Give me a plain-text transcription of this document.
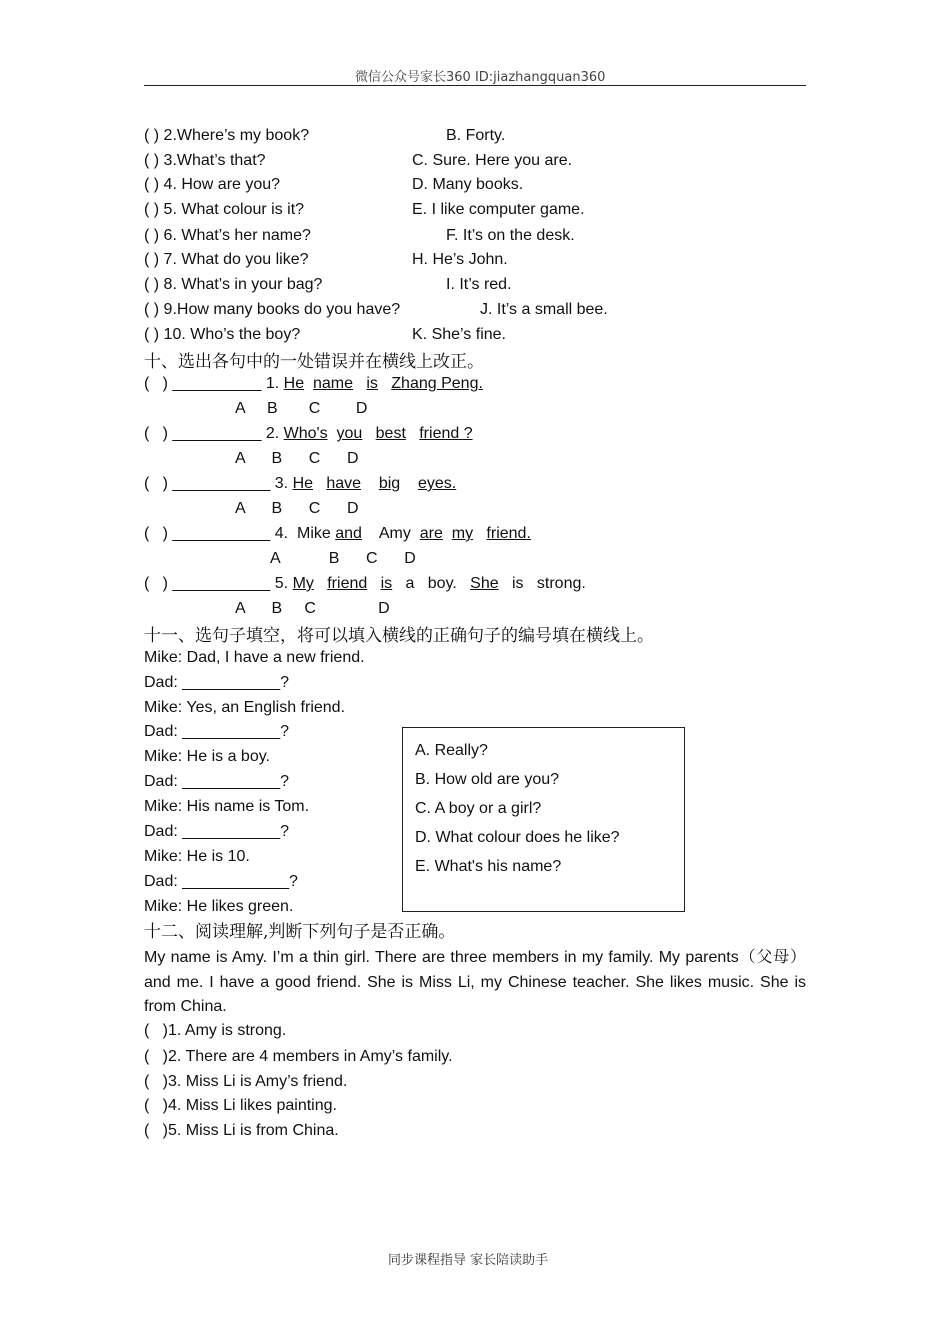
微信公众号家长360 ID:jiazhangquan360
( ) 2.Where’s my book?
( ) 3.What’s that?
( ) 4. How are you?
( ) 5. What colour is it?
( ) 6. What’s her name?
( ) 7. What do you like?
( ) 8. What’s in your bag?
( ) 9.How many books do you have?
( ) 10. Who’s the boy?
B. Forty.
C. Sure. Here you are.
D. Many books.
E. I like computer game.
F. It’s on the desk.
H. He’s John.
I. It’s red.
J. It’s a small bee.
K. She’s fine.
十、选出各句中的一处错误并在横线上改正。
(   ) __________ 1. He name is Zhang Peng.
A     B       C        D
(   ) __________ 2. Who's you best friend ?
A      B      C      D
(   ) ___________ 3. He have big eyes.
A      B      C      D
(   ) ___________ 4.  Mike and Amy are my friend.
A           B      C      D
(   ) ___________ 5. My friend is a boy. She is strong.
A      B     C              D
十一、选句子填空，将可以填入横线的正确句子的编号填在横线上。
Mike: Dad, I have a new friend.
Dad: ___________?
Mike: Yes, an English friend.
Dad: ___________?
Mike: He is a boy.
Dad: ___________?
Mike: His name is Tom.
Dad: ___________?
Mike: He is 10.
Dad: ____________?
Mike: He likes green.
A. Really?
B. How old are you?
C. A boy or a girl?
D. What colour does he like?
E. What's his name?
十二、阅读理解,判断下列句子是否正确。
My name is Amy. I’m a thin girl. There are three members in my family. My parents（父母） and me. I have a good friend. She is Miss Li, my Chinese teacher. She likes music. She is from China.
(   )1. Amy is strong.
(   )2. There are 4 members in Amy’s family.
(   )3. Miss Li is Amy’s friend.
(   )4. Miss Li likes painting.
(   )5. Miss Li is from China.
同步课程指导 家长陪读助手
